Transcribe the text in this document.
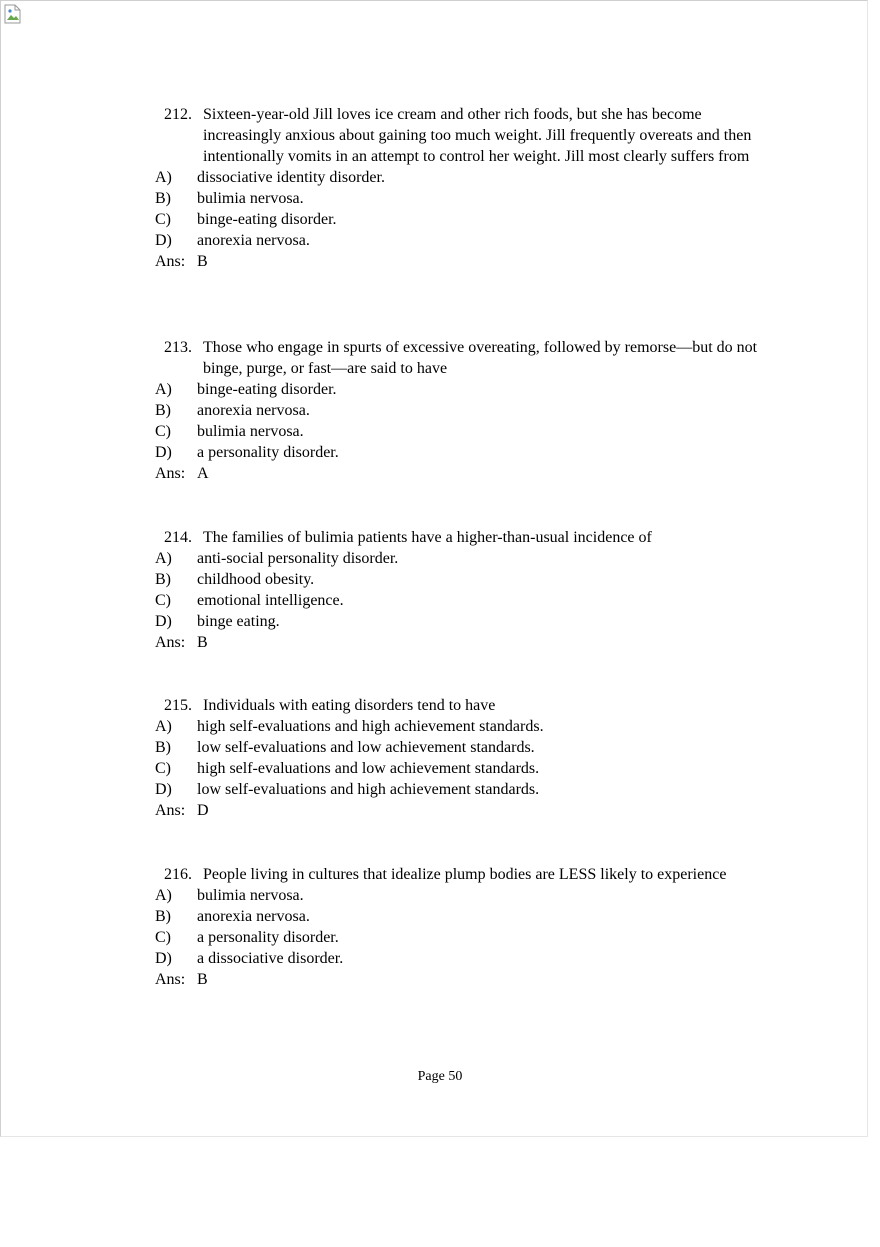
212. Sixteen-year-old Jill loves ice cream and other rich foods, but she has become increasingly anxious about gaining too much weight. Jill frequently overeats and then intentionally vomits in an attempt to control her weight. Jill most clearly suffers from
A)	dissociative identity disorder.
B)	bulimia nervosa.
C)	binge-eating disorder.
D)	anorexia nervosa.
Ans: B
213. Those who engage in spurts of excessive overeating, followed by remorse—but do not binge, purge, or fast—are said to have
A)	binge-eating disorder.
B)	anorexia nervosa.
C)	bulimia nervosa.
D)	a personality disorder.
Ans: A
214. The families of bulimia patients have a higher-than-usual incidence of
A)	anti-social personality disorder.
B)	childhood obesity.
C)	emotional intelligence.
D)	binge eating.
Ans: B
215. Individuals with eating disorders tend to have
A)	high self-evaluations and high achievement standards.
B)	low self-evaluations and low achievement standards.
C)	high self-evaluations and low achievement standards.
D)	low self-evaluations and high achievement standards.
Ans: D
216. People living in cultures that idealize plump bodies are LESS likely to experience
A)	bulimia nervosa.
B)	anorexia nervosa.
C)	a personality disorder.
D)	a dissociative disorder.
Ans: B
Page 50
